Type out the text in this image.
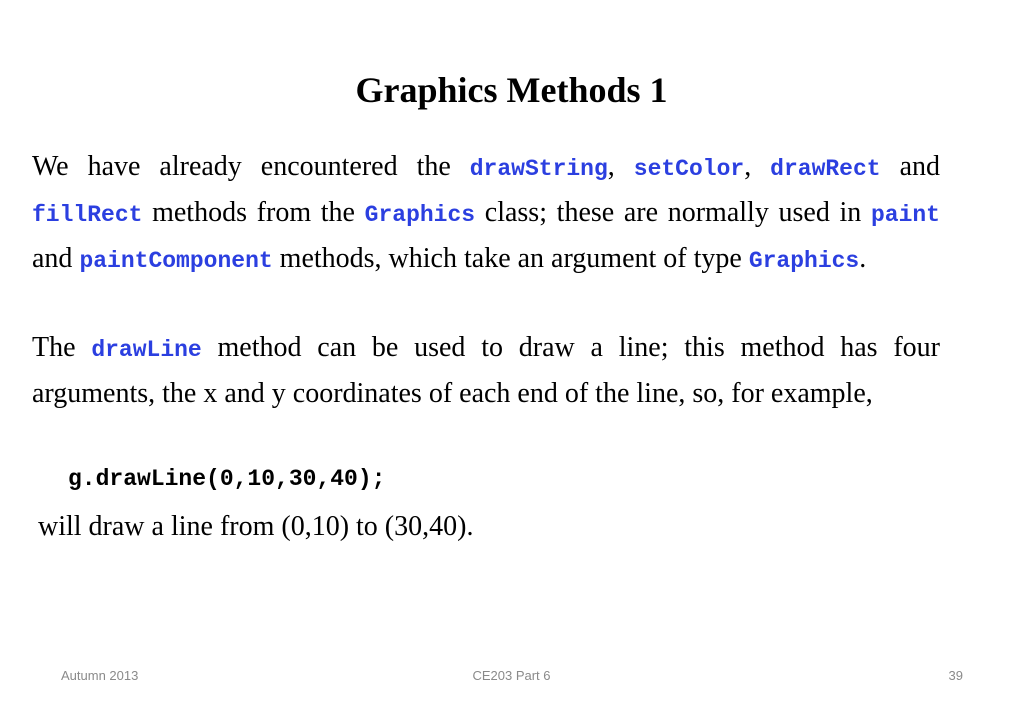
Graphics Methods 1
We have already encountered the drawString, setColor, drawRect and fillRect methods from the Graphics class; these are normally used in paint and paintComponent methods, which take an argument of type Graphics.
The drawLine method can be used to draw a line; this method has four arguments, the x and y coordinates of each end of the line, so, for example,
g.drawLine(0,10,30,40);
will draw a line from (0,10) to (30,40).
Autumn 2013	CE203 Part 6	39
